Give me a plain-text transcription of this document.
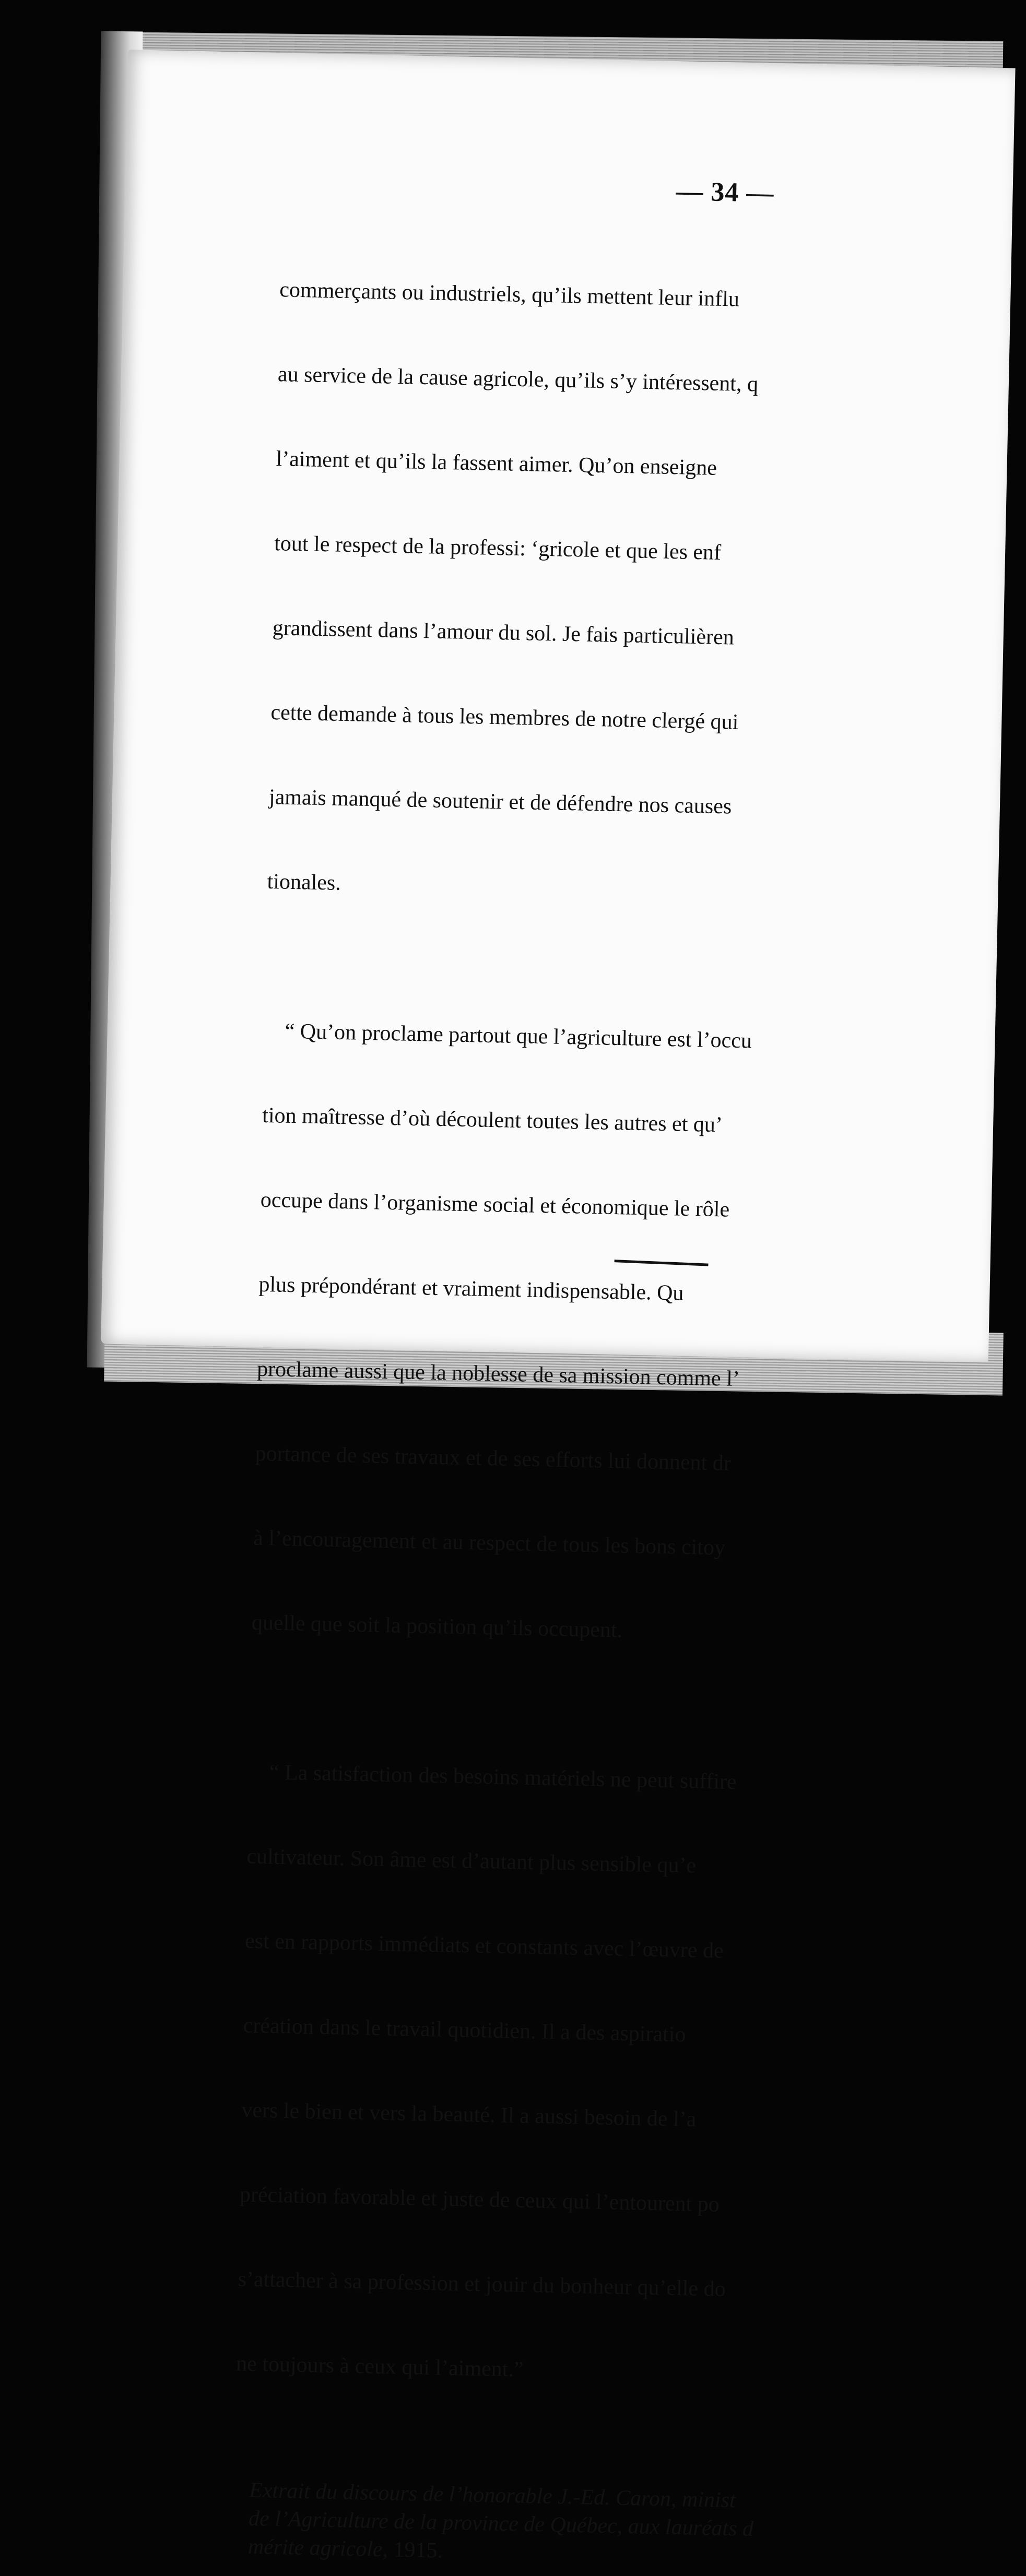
— 34 —

commerçants ou industriels, qu’ils mettent leur influ

au service de la cause agricole, qu’ils s’y intéressent, q

l’aiment et qu’ils la fassent aimer. Qu’on enseigne

tout le respect de la professi: ‘gricole et que les enf

grandissent dans l’amour du sol. Je fais particulièren

cette demande à tous les membres de notre clergé qui

jamais manqué de soutenir et de défendre nos causes

tionales.

“ Qu’on proclame partout que l’agriculture est l’occu

tion maîtresse d’où découlent toutes les autres et qu’

occupe dans l’organisme social et économique le rôle

plus prépondérant et vraiment indispensable. Qu

proclame aussi que la noblesse de sa mission comme l’

portance de ses travaux et de ses efforts lui donnent dr

à l’encouragement et au respect de tous les bons citoy

quelle que soit la position qu’ils occupent.

“ La satisfaction des besoins matériels ne peut suffire

cultivateur. Son âme est d’autant plus sensible qu’e

est en rapports immédiats et constants avec l’œuvre de

création dans le travail quotidien. Il a des aspiratio

vers le bien et vers la beauté. Il a aussi besoin de l’a

préciation favorable et juste de ceux qui l’entourent po

s’attacher à sa profession et jouir du bonheur qu’elle do

ne toujours à ceux qui l’aiment.”

Extrait du discours de l’honorable J.-Ed. Caron, minist
de l’Agriculture de la province de Québec, aux lauréats d
mérite agricole, 1915.
